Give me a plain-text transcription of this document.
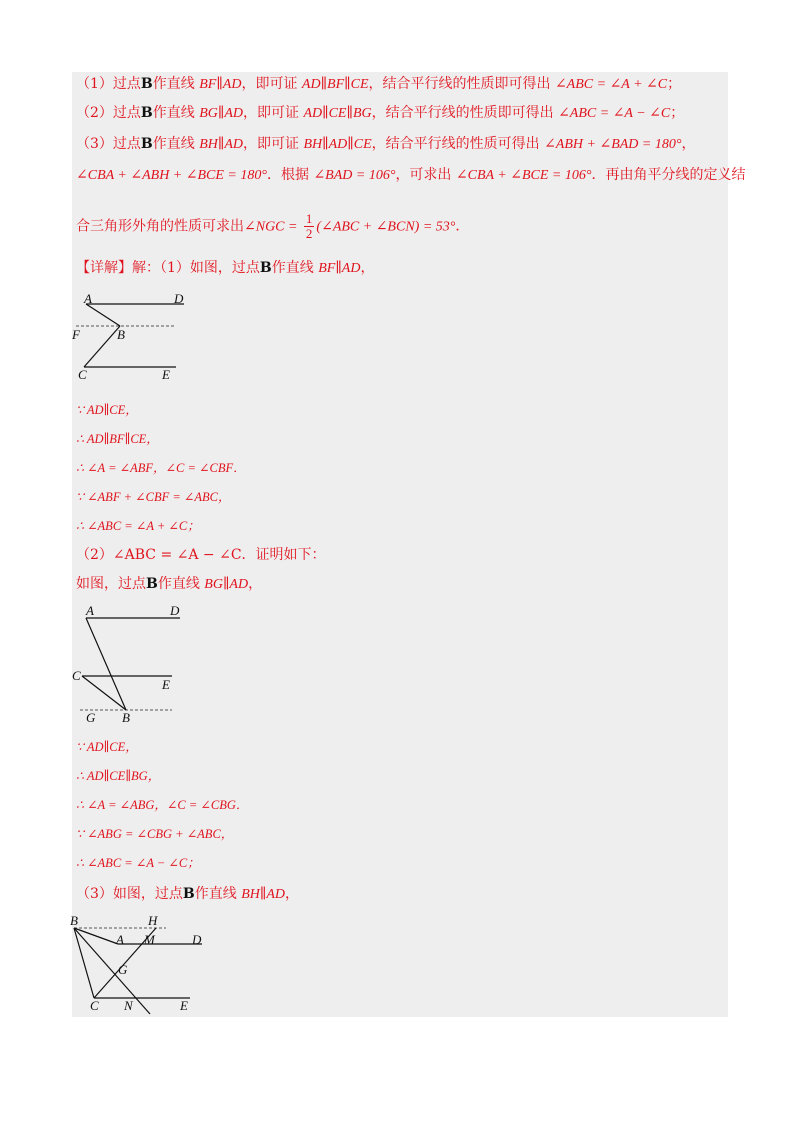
（1）过点B作直线 BF∥AD，即可证 AD∥BF∥CE，结合平行线的性质即可得出 ∠ABC = ∠A + ∠C；
（2）过点B作直线 BG∥AD，即可证 AD∥CE∥BG，结合平行线的性质即可得出 ∠ABC = ∠A − ∠C；
（3）过点B作直线 BH∥AD，即可证 BH∥AD∥CE，结合平行线的性质可得出 ∠ABH + ∠BAD = 180°，
∠CBA + ∠ABH + ∠BCE = 180°．根据 ∠BAD = 106°，可求出 ∠CBA + ∠BCE = 106°．再由角平分线的定义结
合三角形外角的性质可求出∠NGC = $\frac{1}{2}$ (∠ABC + ∠BCN) = 53°．
【详解】解：（1）如图，过点B作直线 BF∥AD，
A	D
F	B
C	E
∵ AD∥CE，
∴ AD∥BF∥CE，
∴ ∠A = ∠ABF，∠C = ∠CBF．
∵ ∠ABF + ∠CBF = ∠ABC，
∴ ∠ABC = ∠A + ∠C；
（2）∠ABC = ∠A − ∠C．证明如下：
如图，过点B作直线 BG∥AD，
A	D
C
E
G B
∵ AD∥CE，
∴ AD∥CE∥BG，
∴ ∠A = ∠ABG，∠C = ∠CBG．
∵ ∠ABG = ∠CBG + ∠ABC，
∴ ∠ABC = ∠A − ∠C；
（3）如图，过点B作直线 BH∥AD，
B	H
A M	D
G
C N	E
